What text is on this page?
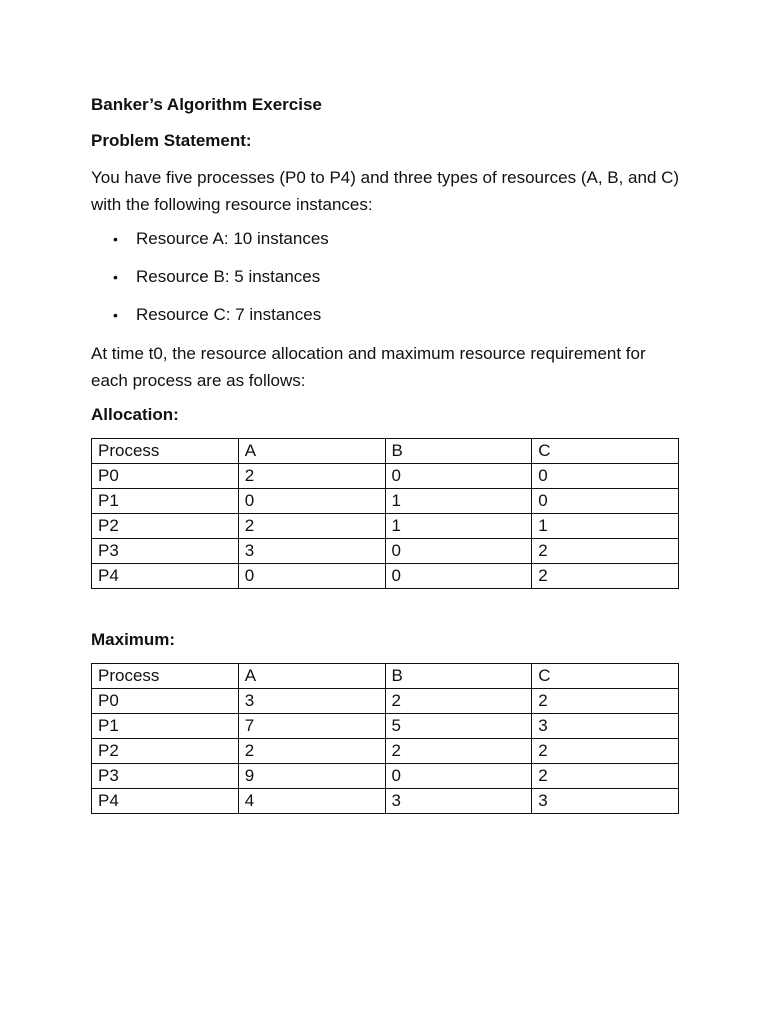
Banker’s Algorithm Exercise
Problem Statement:
You have five processes (P0 to P4) and three types of resources (A, B, and C) with the following resource instances:
• Resource A: 10 instances
• Resource B: 5 instances
• Resource C: 7 instances
At time t0, the resource allocation and maximum resource requirement for each process are as follows:
Allocation:
Process	A	B	C
P0	2	0	0
P1	0	1	0
P2	2	1	1
P3	3	0	2
P4	0	0	2
Maximum:
Process	A	B	C
P0	3	2	2
P1	7	5	3
P2	2	2	2
P3	9	0	2
P4	4	3	3
